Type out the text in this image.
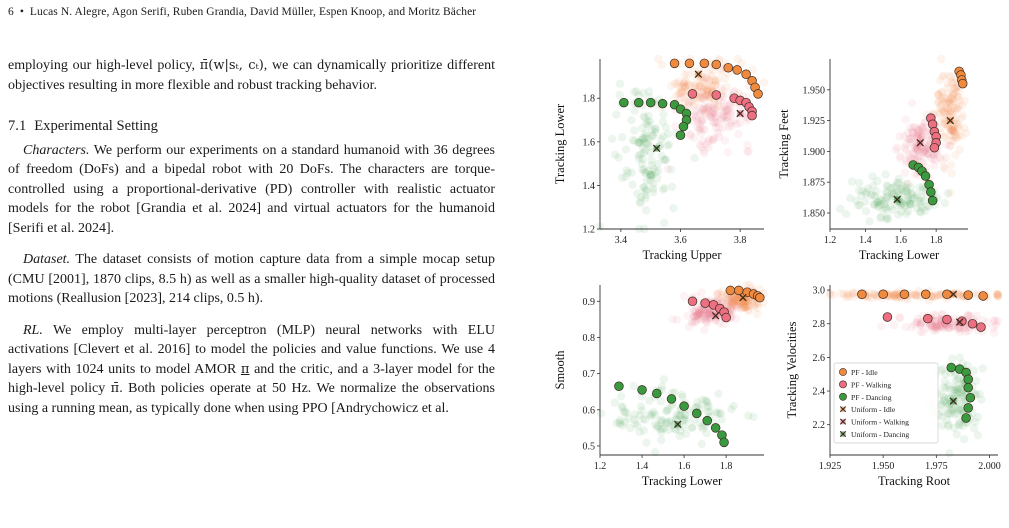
6 • Lucas N. Alegre, Agon Serifi, Ruben Grandia, David Müller, Espen Knoop, and Moritz Bächer

employing our high-level policy, π̄(w|sₜ, cₜ), we can dynamically prioritize different objectives resulting in more flexible and robust tracking behavior.

7.1 Experimental Setting

Characters. We perform our experiments on a standard humanoid with 36 degrees of freedom (DoFs) and a bipedal robot with 20 DoFs. The characters are torque-controlled using a proportional-derivative (PD) controller with realistic actuator models for the robot [Grandia et al. 2024] and virtual actuators for the humanoid [Serifi et al. 2024].

Dataset. The dataset consists of motion capture data from a simple mocap setup (CMU [2001], 1870 clips, 8.5 h) as well as a smaller high-quality dataset of processed motions (Reallusion [2023], 214 clips, 0.5 h).

RL. We employ multi-layer perceptron (MLP) neural networks with ELU activations [Clevert et al. 2016] to model the policies and value functions. We use 4 layers with 1024 units to model AMOR π and the critic, and a 3-layer model for the high-level policy π̄. Both policies operate at 50 Hz. We normalize the observations using a running mean, as typically done when using PPO [Andrychowicz et al.

3.4	3.6	3.8
1.2
1.4
1.6
1.8
Tracking Upper
Tracking Lower
1.2 1.4 1.6 1.8
1.850
1.875
1.900
1.925
1.950
Tracking Lower
Tracking Feet
1.2	1.4	1.6	1.8
0.5
0.6
0.7
0.8
0.9
Tracking Lower
Smooth
1.925	1.950	1.975	2.000
2.2
2.4
2.6
2.8
3.0
Tracking Root
Tracking Velocities	PF - Idle
PF - Walking
PF - Dancing
Uniform - Idle
Uniform - Walking
Uniform - Dancing
